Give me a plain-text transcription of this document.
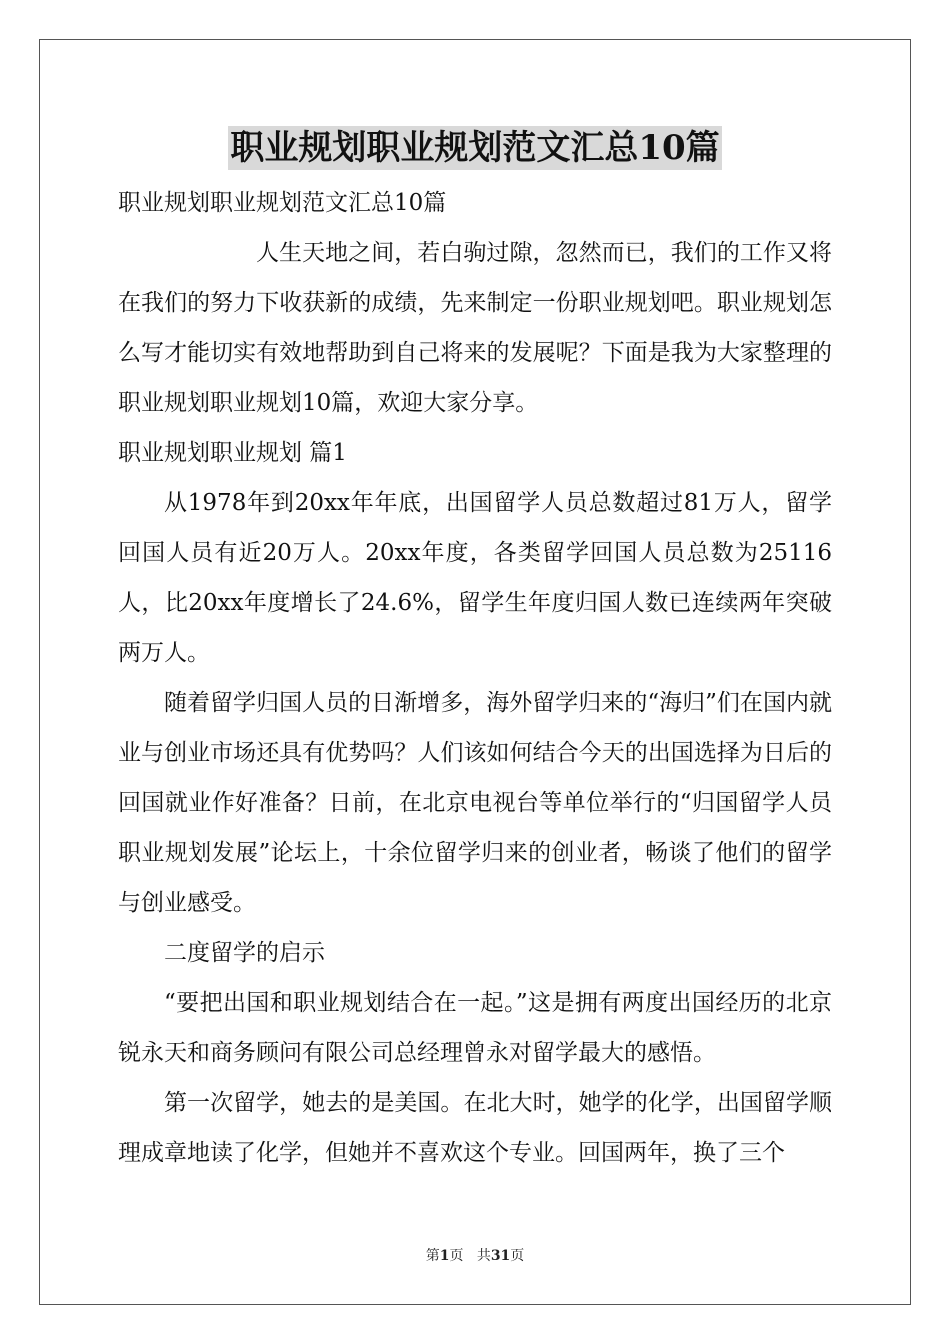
职业规划职业规划范文汇总10篇

职业规划职业规划范文汇总10篇

人生天地之间，若白驹过隙，忽然而已，我们的工作又将在我们的努力下收获新的成绩，先来制定一份职业规划吧。职业规划怎么写才能切实有效地帮助到自己将来的发展呢？下面是我为大家整理的职业规划职业规划10篇，欢迎大家分享。

职业规划职业规划 篇1

从1978年到20xx年年底，出国留学人员总数超过81万人，留学回国人员有近20万人。20xx年度，各类留学回国人员总数为25116人，比20xx年度增长了24.6%，留学生年度归国人数已连续两年突破两万人。

随着留学归国人员的日渐增多，海外留学归来的“海归”们在国内就业与创业市场还具有优势吗？人们该如何结合今天的出国选择为日后的回国就业作好准备？日前，在北京电视台等单位举行的“归国留学人员职业规划发展”论坛上，十余位留学归来的创业者，畅谈了他们的留学与创业感受。

二度留学的启示

“要把出国和职业规划结合在一起。”这是拥有两度出国经历的北京锐永天和商务顾问有限公司总经理曾永对留学最大的感悟。

第一次留学，她去的是美国。在北大时，她学的化学，出国留学顺理成章地读了化学，但她并不喜欢这个专业。回国两年，换了三个

第1页 共31页
